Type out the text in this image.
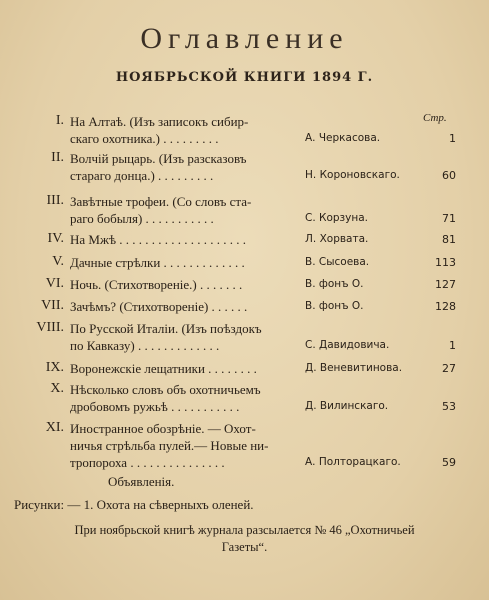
Оглавление
НОЯБРЬСКОЙ КНИГИ 1894 Г.
Стр.
I. На Алтаѣ. (Изъ записокъ сибир-
скаго охотника.) . . . . . . . . .	А. Черкасова.	1
II. Волчій рыцарь. (Изъ разсказовъ
стараго донца.) . . . . . . . . .	Н. Короновскаго.	60
III. Завѣтные трофеи. (Со словъ ста-
раго бобыля) . . . . . . . . . . .	С. Корзуна.	71
IV. На Мжѣ . . . . . . . . . . . . . . . . . . . .	Л. Хорвата.	81
V. Дачные стрѣлки . . . . . . . . . . . . .	В. Сысоева.	113
VI. Ночь. (Стихотвореніе.) . . . . . . .	В. фонъ О.	127
VII. Зачѣмъ? (Стихотвореніе) . . . . . .	В. фонъ О.	128
VIII. По Русской Италіи. (Изъ поѣздокъ
по Кавказу) . . . . . . . . . . . . .	С. Давидовича.	1
IX. Воронежскіе лещатники . . . . . . . .	Д. Веневитинова.	27
X. Нѣсколько словъ объ охотничьемъ
дробовомъ ружьѣ . . . . . . . . . . .	Д. Вилинскаго.	53
XI. Иностранное обозрѣніе. — Охот-
ничья стрѣльба пулей.— Новые ни-
тропороха . . . . . . . . . . . . . . .	А. Полторацкаго.	59
Объявленія.
Рисунки: — 1. Охота на сѣверныхъ оленей.
При ноябрьской книгѣ журнала разсылается № 46 „Охотничьей
Газеты“.
